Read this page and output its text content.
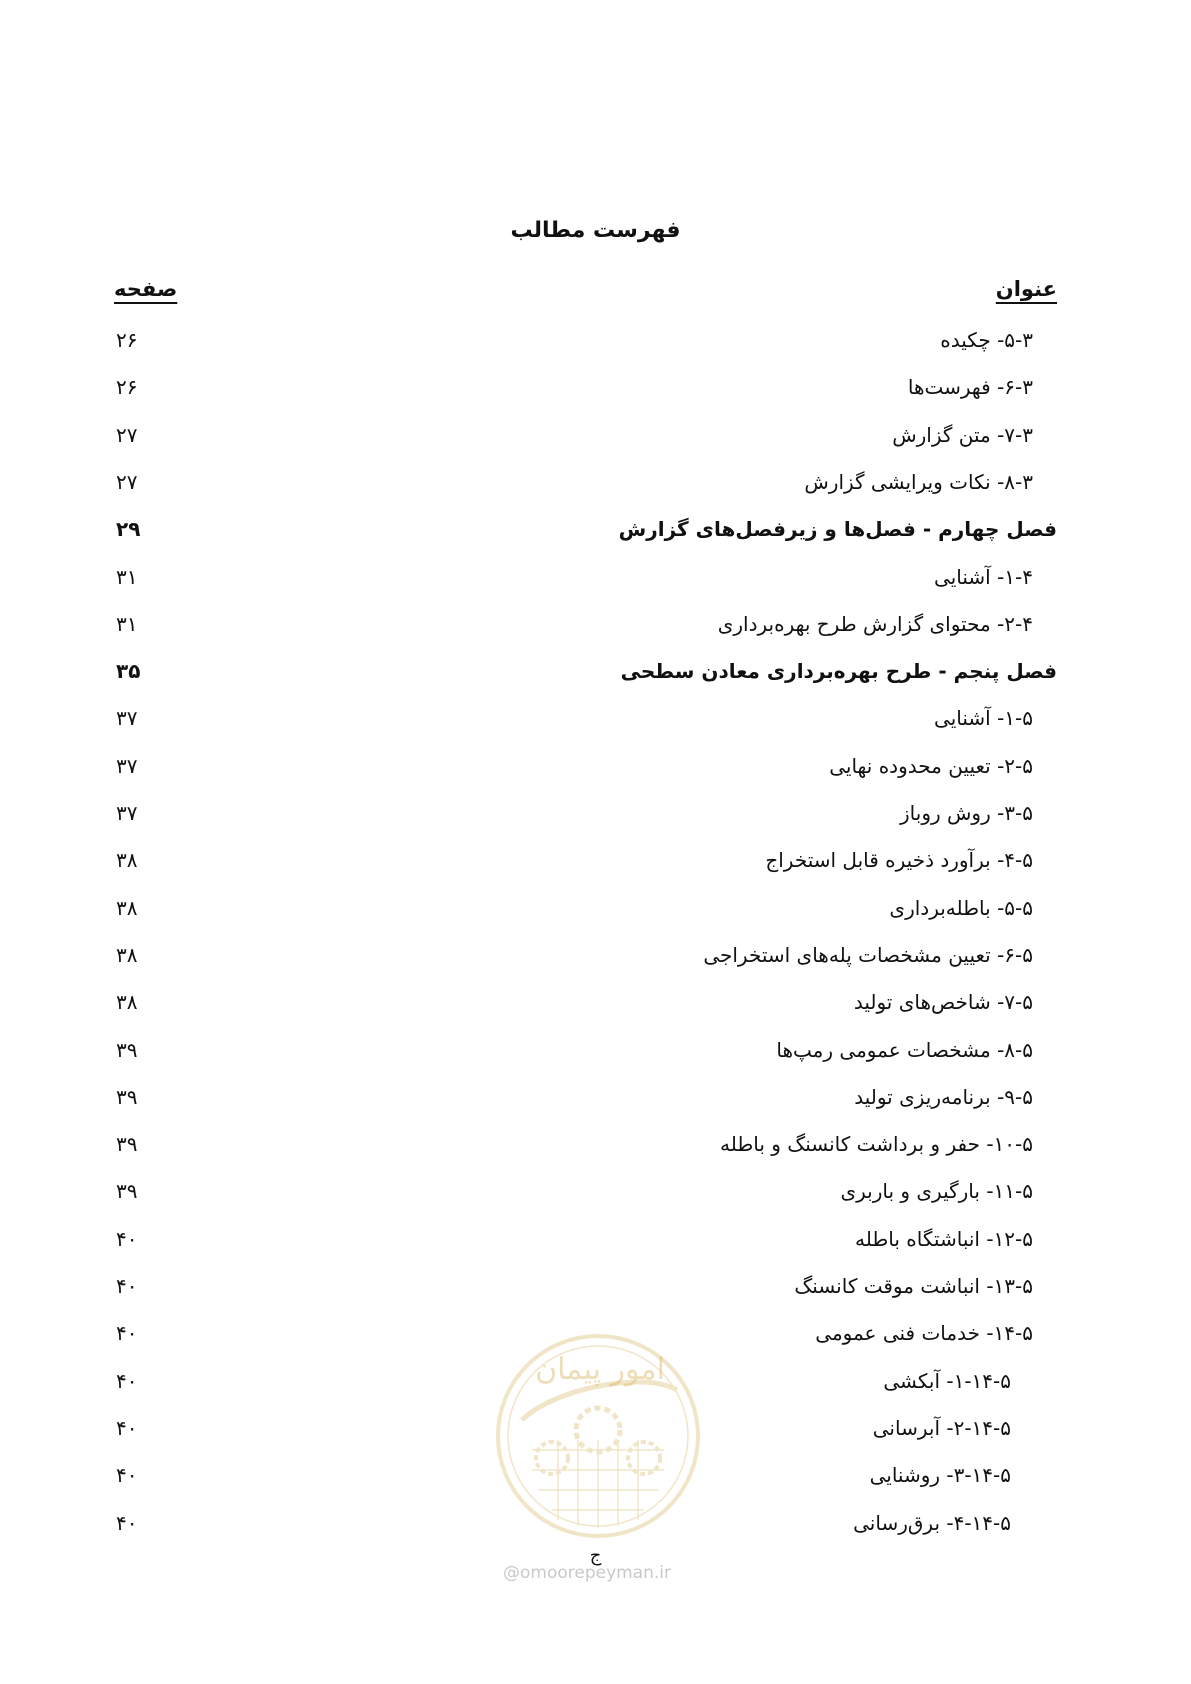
فهرست مطالب
عنوان
صفحه
۵-۳- چکیده
۲۶
۶-۳- فهرست‌ها
۲۶
۷-۳- متن گزارش
۲۷
۸-۳- نکات ویرایشی گزارش
۲۷
فصل چهارم - فصل‌ها و زیرفصل‌های گزارش
۲۹
۱-۴- آشنایی
۳۱
۲-۴- محتوای گزارش طرح بهره‌برداری
۳۱
فصل پنجم - طرح بهره‌برداری معادن سطحی
۳۵
۱-۵- آشنایی
۳۷
۲-۵- تعیین محدوده نهایی
۳۷
۳-۵- روش روباز
۳۷
۴-۵- برآورد ذخیره قابل استخراج
۳۸
۵-۵- باطله‌برداری
۳۸
۶-۵- تعیین مشخصات پله‌های استخراجی
۳۸
۷-۵- شاخص‌های تولید
۳۸
۸-۵- مشخصات عمومی رمپ‌ها
۳۹
۹-۵- برنامه‌ریزی تولید
۳۹
۱۰-۵- حفر و برداشت کانسنگ و باطله
۳۹
۱۱-۵- بارگیری و باربری
۳۹
۱۲-۵- انباشتگاه باطله
۴۰
۱۳-۵- انباشت موقت کانسنگ
۴۰
۱۴-۵- خدمات فنی عمومی
۴۰
۱-۱۴-۵- آبکشی
۴۰
۲-۱۴-۵- آبرسانی
۴۰
۳-۱۴-۵- روشنایی
۴۰
۴-۱۴-۵- برق‌رسانی
۴۰
امور پیمان
ج
@omoorepeyman.ir
